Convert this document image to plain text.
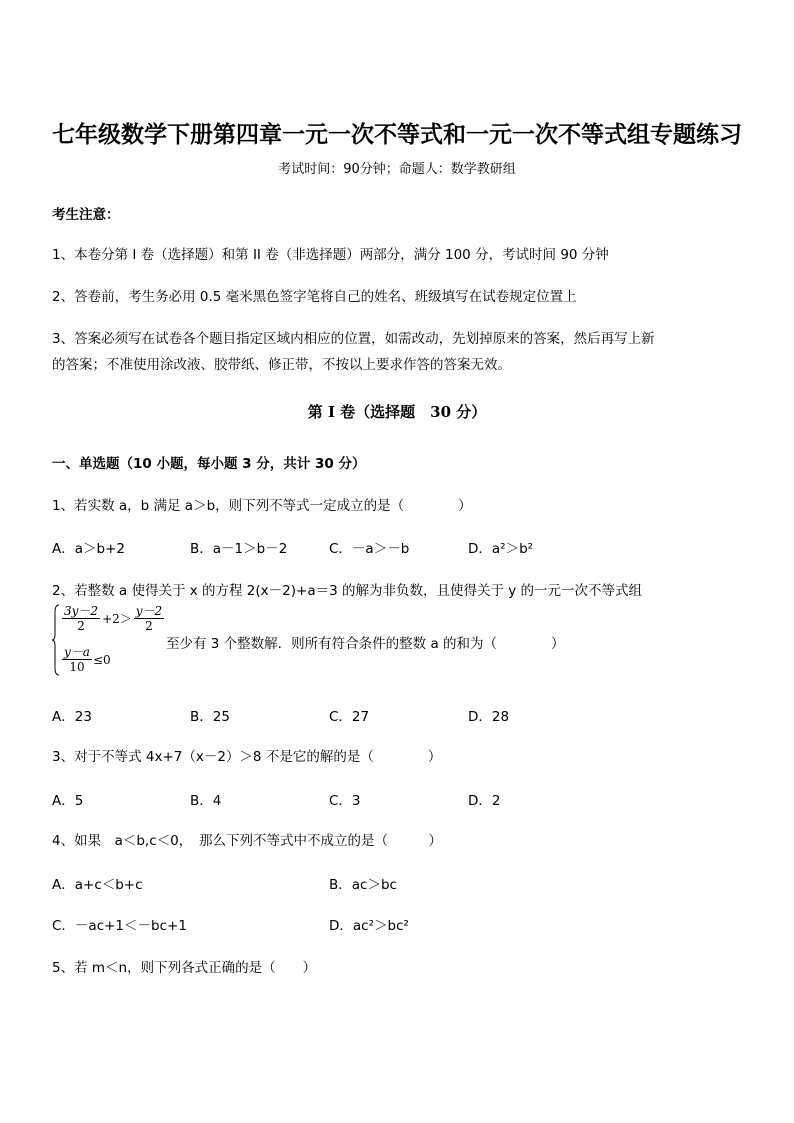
七年级数学下册第四章一元一次不等式和一元一次不等式组专题练习
考试时间：90分钟；命题人：数学教研组
考生注意：
1、本卷分第 I 卷（选择题）和第 II 卷（非选择题）两部分，满分 100 分，考试时间 90 分钟
2、答卷前，考生务必用 0.5 毫米黑色签字笔将自己的姓名、班级填写在试卷规定位置上
3、答案必须写在试卷各个题目指定区域内相应的位置，如需改动，先划掉原来的答案，然后再写上新
的答案；不准使用涂改液、胶带纸、修正带，不按以上要求作答的答案无效。
第 I 卷（选择题　30 分）
一、单选题（10 小题，每小题 3 分，共计 30 分）
1、若实数 a，b 满足 a＞b，则下列不等式一定成立的是（　　　　）
A．a＞b+2	B．a－1＞b－2	C．－a＞－b	D．a²＞b²
2、若整数 a 使得关于 x 的方程 2(x－2)+a＝3 的解为非负数，且使得关于 y 的一元一次不等式组
$\frac{3y-2}{2} +2> \frac{y-2}{2}$
$\frac{y-a}{10} \le 0$
至少有 3 个整数解．则所有符合条件的整数 a 的和为（　　　　）
A．23	B．25	C．27	D．28
3、对于不等式 4x+7（x－2）＞8 不是它的解的是（　　　　）
A．5	B．4	C．3	D．2
4、如果　a＜b,c＜0，　那么下列不等式中不成立的是（　　　）
A．a+c＜b+c	B．ac＞bc
C．－ac+1＜－bc+1	D．ac²＞bc²
5、若 m＜n，则下列各式正确的是（　　）
